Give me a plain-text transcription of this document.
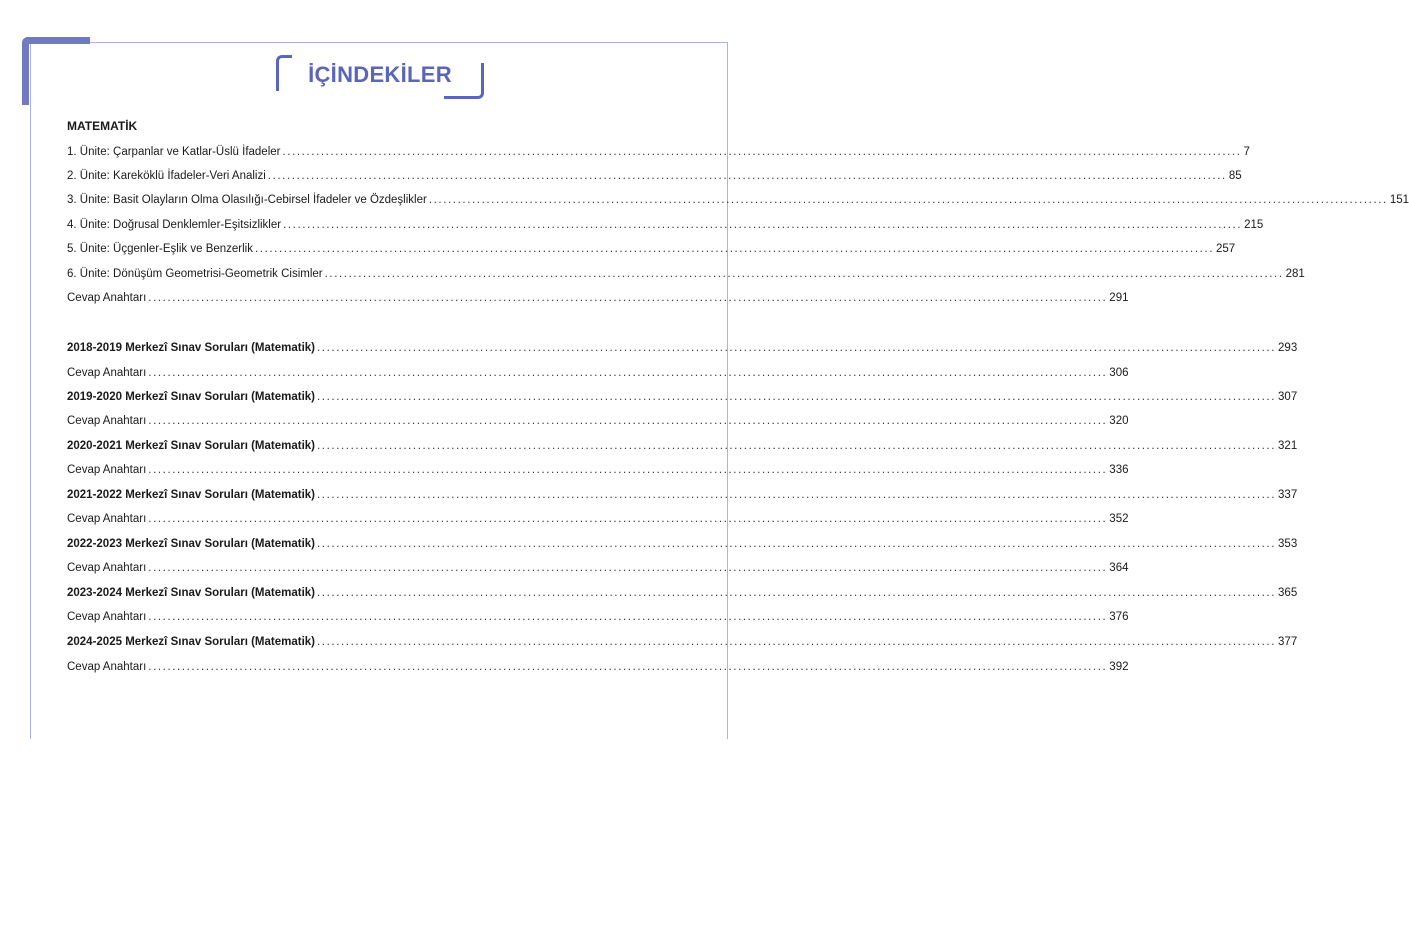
İÇİNDEKİLER
MATEMATİK
1. Ünite: Çarpanlar ve Katlar-Üslü İfadeler ........................................................................................................................................................................................................ 7
2. Ünite: Kareköklü İfadeler-Veri Analizi ........................................................................................................................................................................................................ 85
3. Ünite: Basit Olayların Olma Olasılığı-Cebirsel İfadeler ve Özdeşlikler ........................................................................................................................................................................................................ 151
4. Ünite: Doğrusal Denklemler-Eşitsizlikler ........................................................................................................................................................................................................ 215
5. Ünite: Üçgenler-Eşlik ve Benzerlik ........................................................................................................................................................................................................ 257
6. Ünite: Dönüşüm Geometrisi-Geometrik Cisimler ........................................................................................................................................................................................................ 281
Cevap Anahtarı ........................................................................................................................................................................................................ 291
2018-2019 Merkezî Sınav Soruları (Matematik) ........................................................................................................................................................................................................ 293
Cevap Anahtarı ........................................................................................................................................................................................................ 306
2019-2020 Merkezî Sınav Soruları (Matematik) ........................................................................................................................................................................................................ 307
Cevap Anahtarı ........................................................................................................................................................................................................ 320
2020-2021 Merkezî Sınav Soruları (Matematik) ........................................................................................................................................................................................................ 321
Cevap Anahtarı ........................................................................................................................................................................................................ 336
2021-2022 Merkezî Sınav Soruları (Matematik) ........................................................................................................................................................................................................ 337
Cevap Anahtarı ........................................................................................................................................................................................................ 352
2022-2023 Merkezî Sınav Soruları (Matematik) ........................................................................................................................................................................................................ 353
Cevap Anahtarı ........................................................................................................................................................................................................ 364
2023-2024 Merkezî Sınav Soruları (Matematik) ........................................................................................................................................................................................................ 365
Cevap Anahtarı ........................................................................................................................................................................................................ 376
2024-2025 Merkezî Sınav Soruları (Matematik) ........................................................................................................................................................................................................ 377
Cevap Anahtarı ........................................................................................................................................................................................................ 392
